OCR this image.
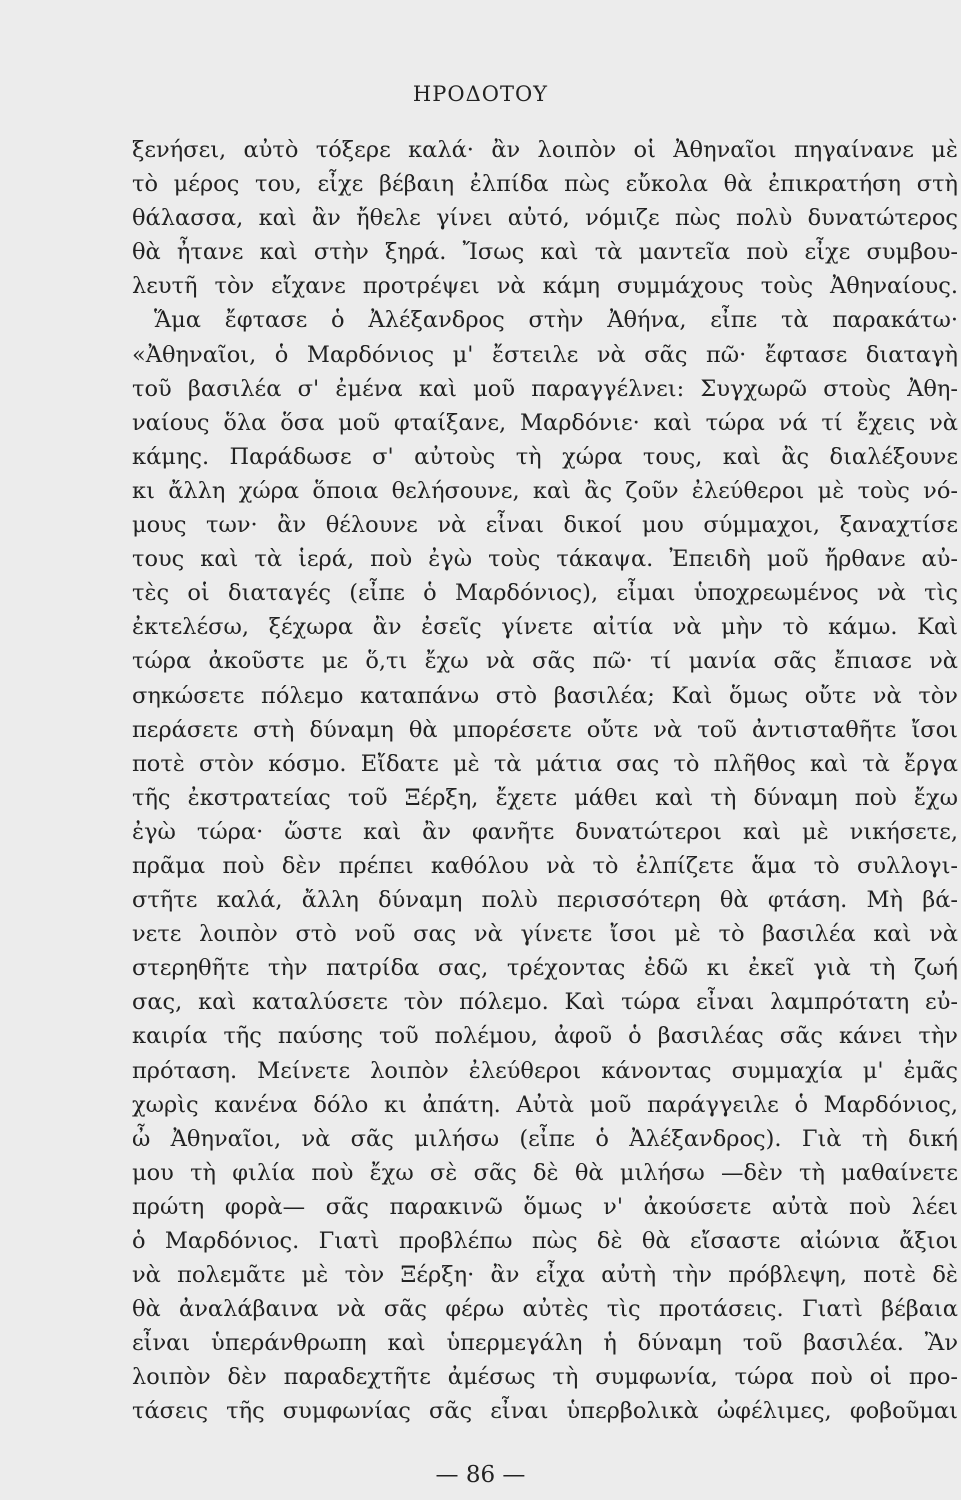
ΗΡΟΔΟΤΟΥ
ξενήσει, αὐτὸ τόξερε καλά· ἂν λοιπὸν οἱ Ἀθηναῖοι πηγαίνανε μὲ
τὸ μέρος του, εἶχε βέβαιη ἐλπίδα πὼς εὔκολα θὰ ἐπικρατήση στὴ
θάλασσα, καὶ ἂν ἤθελε γίνει αὐτό, νόμιζε πὼς πολὺ δυνατώτερος
θὰ ἦτανε καὶ στὴν ξηρά. Ἴσως καὶ τὰ μαντεῖα ποὺ εἶχε συμβου-
λευτῆ τὸν εἴχανε προτρέψει νὰ κάμη συμμάχους τοὺς Ἀθηναίους.
Ἅμα ἔφτασε ὁ Ἀλέξανδρος στὴν Ἀθήνα, εἶπε τὰ παρακάτω·
«Ἀθηναῖοι, ὁ Μαρδόνιος μ' ἔστειλε νὰ σᾶς πῶ· ἔφτασε διαταγὴ
τοῦ βασιλέα σ' ἐμένα καὶ μοῦ παραγγέλνει: Συγχωρῶ στοὺς Ἀθη-
ναίους ὅλα ὅσα μοῦ φταίξανε, Μαρδόνιε· καὶ τώρα νά τί ἔχεις νὰ
κάμης. Παράδωσε σ' αὐτοὺς τὴ χώρα τους, καὶ ἂς διαλέξουνε
κι ἄλλη χώρα ὅποια θελήσουνε, καὶ ἂς ζοῦν ἐλεύθεροι μὲ τοὺς νό-
μους των· ἂν θέλουνε νὰ εἶναι δικοί μου σύμμαχοι, ξαναχτίσε
τους καὶ τὰ ἱερά, ποὺ ἐγὼ τοὺς τάκαψα. Ἐπειδὴ μοῦ ἤρθανε αὐ-
τὲς οἱ διαταγές (εἶπε ὁ Μαρδόνιος), εἶμαι ὑποχρεωμένος νὰ τὶς
ἐκτελέσω, ξέχωρα ἂν ἐσεῖς γίνετε αἰτία νὰ μὴν τὸ κάμω. Καὶ
τώρα ἀκοῦστε με ὅ,τι ἔχω νὰ σᾶς πῶ· τί μανία σᾶς ἔπιασε νὰ
σηκώσετε πόλεμο καταπάνω στὸ βασιλέα; Καὶ ὅμως οὔτε νὰ τὸν
περάσετε στὴ δύναμη θὰ μπορέσετε οὔτε νὰ τοῦ ἀντισταθῆτε ἴσοι
ποτὲ στὸν κόσμο. Εἴδατε μὲ τὰ μάτια σας τὸ πλῆθος καὶ τὰ ἔργα
τῆς ἐκστρατείας τοῦ Ξέρξη, ἔχετε μάθει καὶ τὴ δύναμη ποὺ ἔχω
ἐγὼ τώρα· ὥστε καὶ ἂν φανῆτε δυνατώτεροι καὶ μὲ νικήσετε,
πρᾶμα ποὺ δὲν πρέπει καθόλου νὰ τὸ ἐλπίζετε ἅμα τὸ συλλογι-
στῆτε καλά, ἄλλη δύναμη πολὺ περισσότερη θὰ φτάση. Μὴ βά-
νετε λοιπὸν στὸ νοῦ σας νὰ γίνετε ἴσοι μὲ τὸ βασιλέα καὶ νὰ
στερηθῆτε τὴν πατρίδα σας, τρέχοντας ἐδῶ κι ἐκεῖ γιὰ τὴ ζωή
σας, καὶ καταλύσετε τὸν πόλεμο. Καὶ τώρα εἶναι λαμπρότατη εὐ-
καιρία τῆς παύσης τοῦ πολέμου, ἀφοῦ ὁ βασιλέας σᾶς κάνει τὴν
πρόταση. Μείνετε λοιπὸν ἐλεύθεροι κάνοντας συμμαχία μ' ἐμᾶς
χωρὶς κανένα δόλο κι ἀπάτη. Αὐτὰ μοῦ παράγγειλε ὁ Μαρδόνιος,
ὦ Ἀθηναῖοι, νὰ σᾶς μιλήσω (εἶπε ὁ Ἀλέξανδρος). Γιὰ τὴ δική
μου τὴ φιλία ποὺ ἔχω σὲ σᾶς δὲ θὰ μιλήσω —δὲν τὴ μαθαίνετε
πρώτη φορὰ— σᾶς παρακινῶ ὅμως ν' ἀκούσετε αὐτὰ ποὺ λέει
ὁ Μαρδόνιος. Γιατὶ προβλέπω πὼς δὲ θὰ εἴσαστε αἰώνια ἄξιοι
νὰ πολεμᾶτε μὲ τὸν Ξέρξη· ἂν εἶχα αὐτὴ τὴν πρόβλεψη, ποτὲ δὲ
θὰ ἀναλάβαινα νὰ σᾶς φέρω αὐτὲς τὶς προτάσεις. Γιατὶ βέβαια
εἶναι ὑπεράνθρωπη καὶ ὑπερμεγάλη ἡ δύναμη τοῦ βασιλέα. Ἂν
λοιπὸν δὲν παραδεχτῆτε ἀμέσως τὴ συμφωνία, τώρα ποὺ οἱ προ-
τάσεις τῆς συμφωνίας σᾶς εἶναι ὑπερβολικὰ ὠφέλιμες, φοβοῦμαι
— 86 —
